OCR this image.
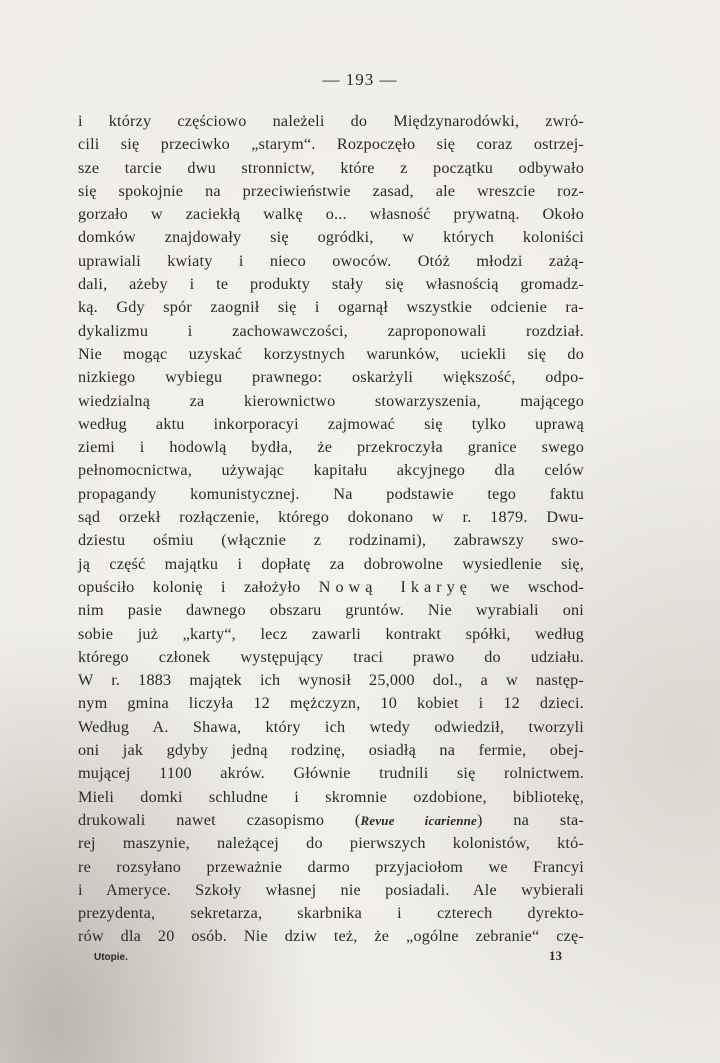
— 193 —
i którzy częściowo należeli do Międzynarodówki, zwró-
cili się przeciwko „starym“. Rozpoczęło się coraz ostrzej-
sze tarcie dwu stronnictw, które z początku odbywało
się spokojnie na przeciwieństwie zasad, ale wreszcie roz-
gorzało w zaciekłą walkę o... własność prywatną. Około
domków znajdowały się ogródki, w których koloniści
uprawiali kwiaty i nieco owoców. Otóż młodzi zażą-
dali, ażeby i te produkty stały się własnością gromadz-
ką. Gdy spór zaognił się i ogarnął wszystkie odcienie ra-
dykalizmu i zachowawczości, zaproponowali rozdział.
Nie mogąc uzyskać korzystnych warunków, uciekli się do
nizkiego wybiegu prawnego: oskarżyli większość, odpo-
wiedzialną za kierownictwo stowarzyszenia, mającego
według aktu inkorporacyi zajmować się tylko uprawą
ziemi i hodowlą bydła, że przekroczyła granice swego
pełnomocnictwa, używając kapitału akcyjnego dla celów
propagandy komunistycznej. Na podstawie tego faktu
sąd orzekł rozłączenie, którego dokonano w r. 1879. Dwu-
dziestu ośmiu (włącznie z rodzinami), zabrawszy swo-
ją część majątku i dopłatę za dobrowolne wysiedlenie się,
opuściło kolonię i założyło Nową Ikaryę we wschod-
nim pasie dawnego obszaru gruntów. Nie wyrabiali oni
sobie już „karty“, lecz zawarli kontrakt spółki, według
którego członek występujący traci prawo do udziału.
W r. 1883 majątek ich wynosił 25,000 dol., a w następ-
nym gmina liczyła 12 mężczyzn, 10 kobiet i 12 dzieci.
Według A. Shawa, który ich wtedy odwiedził, tworzyli
oni jak gdyby jedną rodzinę, osiadłą na fermie, obej-
mującej 1100 akrów. Głównie trudnili się rolnictwem.
Mieli domki schludne i skromnie ozdobione, bibliotekę,
drukowali nawet czasopismo (Revue icarienne) na sta-
rej maszynie, należącej do pierwszych kolonistów, któ-
re rozsyłano przeważnie darmo przyjaciołom we Francyi
i Ameryce. Szkoły własnej nie posiadali. Ale wybierali
prezydenta, sekretarza, skarbnika i czterech dyrekto-
rów dla 20 osób. Nie dziw też, że „ogólne zebranie“ czę-
Utopie.	13
